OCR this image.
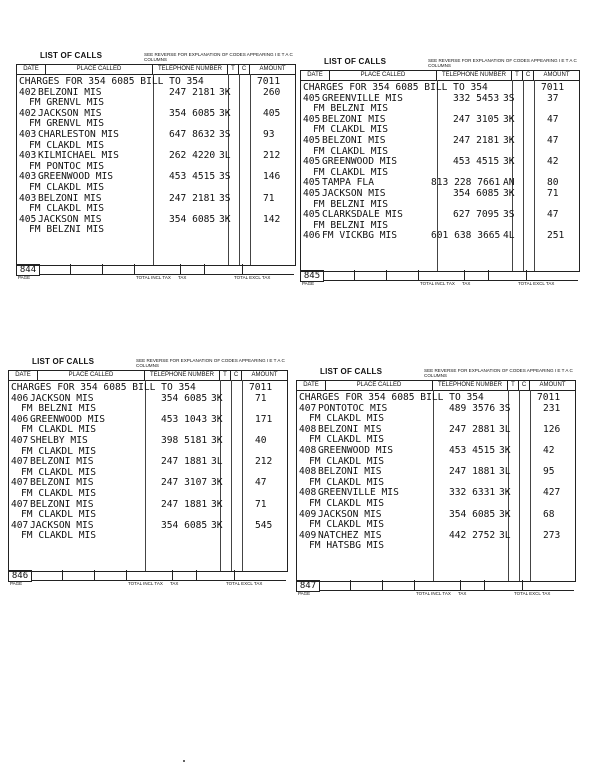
LIST OF CALLS	SEE REVERSE FOR EXPLANATION OF CODES APPEARING I E T A C COLUMNS
DATE	PLACE CALLED	TELEPHONE NUMBER	T	C	AMOUNT
CHARGES FOR 354 6085 BILL TO 354	7011
402 BELZONI MIS	247 2181 3K	260
FM GRENVL MIS
402 JACKSON MIS	354 6085 3K	405
FM GRENVL MIS
403 CHARLESTON MIS	647 8632 3S	93
FM CLAKDL MIS
403 KILMICHAEL MIS	262 4220 3L	212
FM PONTOC MIS
403 GREENWOOD MIS	453 4515 3S	146
FM CLAKDL MIS
403 BELZONI MIS	247 2181 3S	71
FM CLAKDL MIS
405 JACKSON MIS	354 6085 3K	142
FM BELZNI MIS
844
PAGE	TOTAL INCL TAX TAX	TOTAL EXCL TAX
LIST OF CALLS	SEE REVERSE FOR EXPLANATION OF CODES APPEARING I E T A C COLUMNS
DATE	PLACE CALLED	TELEPHONE NUMBER	T	C	AMOUNT
CHARGES FOR 354 6085 BILL TO 354	7011
405 GREENVILLE MIS	332 5453 3S	37
FM BELZNI MIS
405 BELZONI MIS	247 3105 3K	47
FM CLAKDL MIS
405 BELZONI MIS	247 2181 3K	47
FM CLAKDL MIS
405 GREENWOOD MIS	453 4515 3K	42
FM CLAKDL MIS
405 TAMPA FLA	813 228 7661 AN	80
405 JACKSON MIS	354 6085 3K	71
FM BELZNI MIS
405 CLARKSDALE MIS	627 7095 3S	47
FM BELZNI MIS
406 FM VICKBG MIS	601 638 3665 4L	251
845
PAGE	TOTAL INCL TAX TAX	TOTAL EXCL TAX
LIST OF CALLS	SEE REVERSE FOR EXPLANATION OF CODES APPEARING I E T A C COLUMNS
DATE	PLACE CALLED	TELEPHONE NUMBER	T	C	AMOUNT
CHARGES FOR 354 6085 BILL TO 354	7011
406 JACKSON MIS	354 6085 3K	71
FM BELZNI MIS
406 GREENWOOD MIS	453 1043 3K	171
FM CLAKDL MIS
407 SHELBY MIS	398 5181 3K	40
FM CLAKDL MIS
407 BELZONI MIS	247 1881 3L	212
FM CLAKDL MIS
407 BELZONI MIS	247 3107 3K	47
FM CLAKDL MIS
407 BELZONI MIS	247 1881 3K	71
FM CLAKDL MIS
407 JACKSON MIS	354 6085 3K	545
FM CLAKDL MIS
846
PAGE	TOTAL INCL TAX TAX	TOTAL EXCL TAX
LIST OF CALLS	SEE REVERSE FOR EXPLANATION OF CODES APPEARING I E T A C COLUMNS
DATE	PLACE CALLED	TELEPHONE NUMBER	T	C	AMOUNT
CHARGES FOR 354 6085 BILL TO 354	7011
407 PONTOTOC MIS	489 3576 3S	231
FM CLAKDL MIS
408 BELZONI MIS	247 2881 3L	126
FM CLAKDL MIS
408 GREENWOOD MIS	453 4515 3K	42
FM CLAKDL MIS
408 BELZONI MIS	247 1881 3L	95
FM CLAKDL MIS
408 GREENVILLE MIS	332 6331 3K	427
FM CLAKDL MIS
409 JACKSON MIS	354 6085 3K	68
FM CLAKDL MIS
409 NATCHEZ MIS	442 2752 3L	273
FM HATSBG MIS
847
PAGE	TOTAL INCL TAX TAX	TOTAL EXCL TAX
